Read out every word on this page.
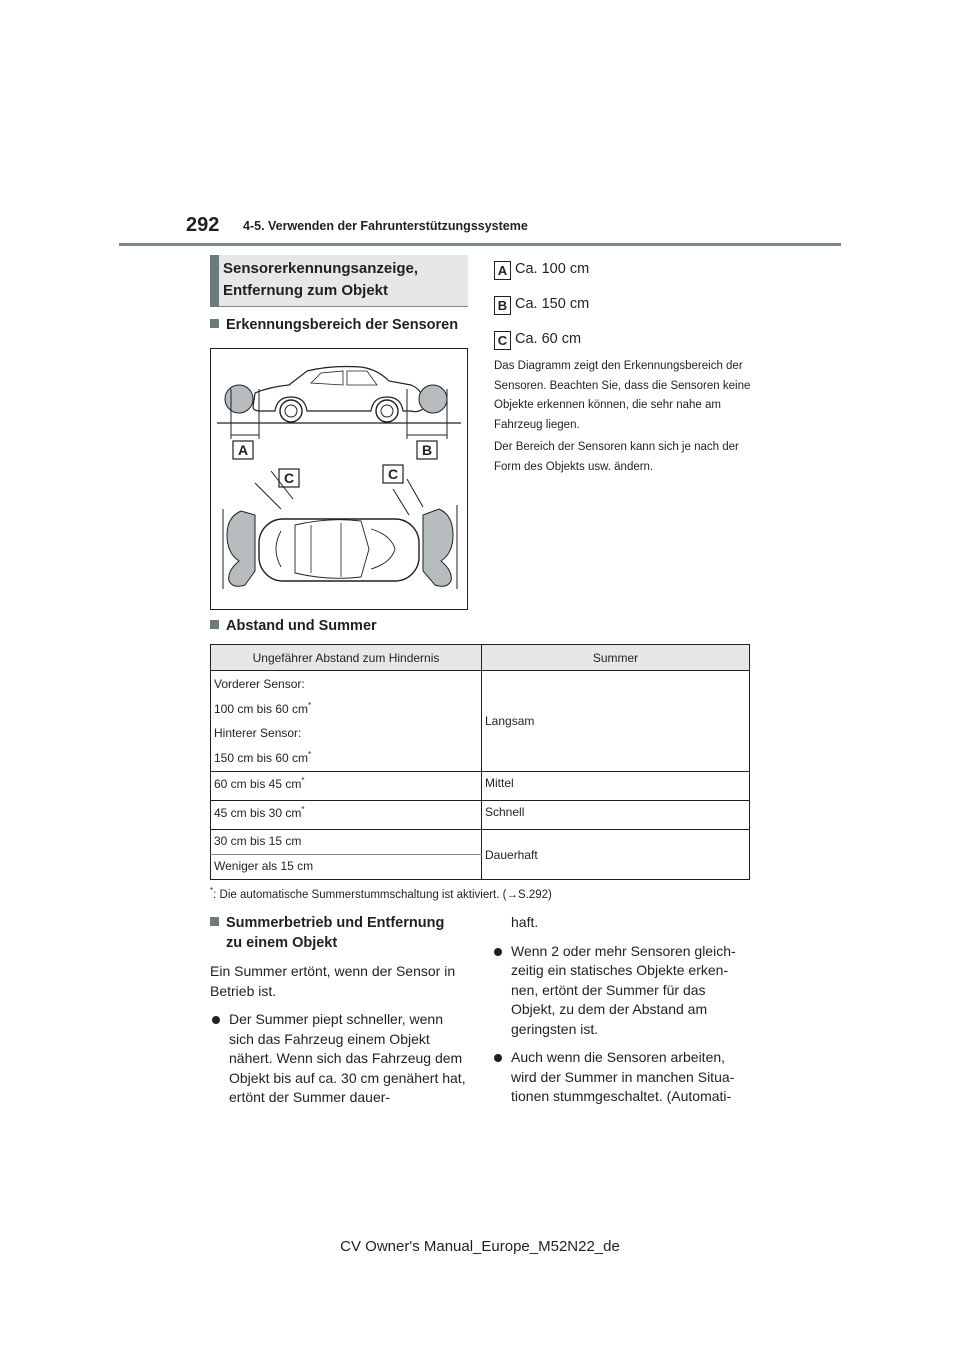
292 4-5. Verwenden der Fahrunterstützungssysteme
Sensorerkennungsanzeige,
Entfernung zum Objekt
Erkennungsbereich der Sensoren
A	B
C	C
A Ca. 100 cm
B Ca. 150 cm
C Ca. 60 cm
Das Diagramm zeigt den Erkennungsbereich der Sensoren. Beachten Sie, dass die Sensoren keine Objekte erkennen können, die sehr nahe am Fahrzeug liegen.
Der Bereich der Sensoren kann sich je nach der Form des Objekts usw. ändern.
Abstand und Summer
Ungefährer Abstand zum Hindernis	Summer

Vorderer Sensor:

100 cm bis 60 cm*

Hinterer Sensor:

150 cm bis 60 cm*	Langsam
60 cm bis 45 cm*	Mittel
45 cm bis 30 cm*	Schnell
30 cm bis 15 cm	Dauerhaft
Weniger als 15 cm	
*: Die automatische Summerstummschaltung ist aktiviert. (→S.292)
Summerbetrieb und Entfernung
zu einem Objekt

Ein Summer ertönt, wenn der Sensor in Betrieb ist.

Der Summer piept schneller, wenn sich das Fahrzeug einem Objekt nähert. Wenn sich das Fahrzeug dem Objekt bis auf ca. 30 cm genähert hat, ertönt der Summer dauer-

haft.

Wenn 2 oder mehr Sensoren gleichzeitig ein statisches Objekte erkennen, ertönt der Summer für das Objekt, zu dem der Abstand am geringsten ist.
Auch wenn die Sensoren arbeiten, wird der Summer in manchen Situationen stummgeschaltet. (Automati-
CV Owner's Manual_Europe_M52N22_de
